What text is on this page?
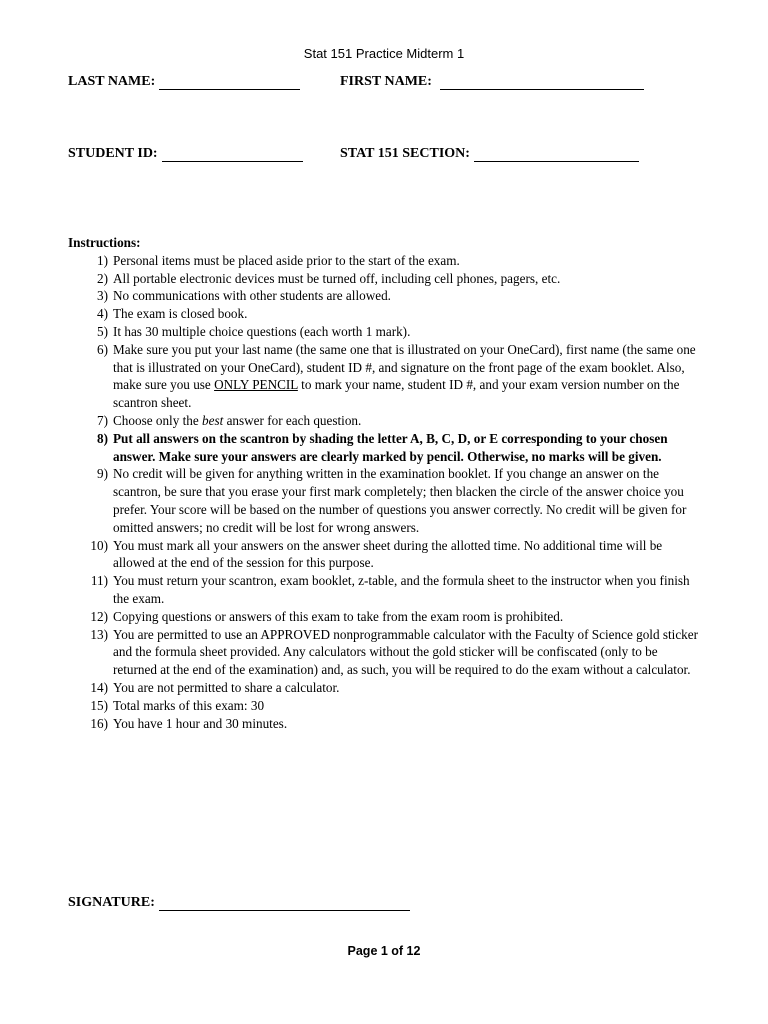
Stat 151 Practice Midterm 1
LAST NAME:	FIRST NAME:
STUDENT ID:	STAT 151 SECTION:
Instructions:
1) Personal items must be placed aside prior to the start of the exam.
2) All portable electronic devices must be turned off, including cell phones, pagers, etc.
3) No communications with other students are allowed.
4) The exam is closed book.
5) It has 30 multiple choice questions (each worth 1 mark).
6) Make sure you put your last name (the same one that is illustrated on your OneCard), first name (the same one that is illustrated on your OneCard), student ID #, and signature on the front page of the exam booklet. Also, make sure you use ONLY PENCIL to mark your name, student ID #, and your exam version number on the scantron sheet.
7) Choose only the best answer for each question.
8) Put all answers on the scantron by shading the letter A, B, C, D, or E corresponding to your chosen answer. Make sure your answers are clearly marked by pencil. Otherwise, no marks will be given.
9) No credit will be given for anything written in the examination booklet. If you change an answer on the scantron, be sure that you erase your first mark completely; then blacken the circle of the answer choice you prefer. Your score will be based on the number of questions you answer correctly. No credit will be given for omitted answers; no credit will be lost for wrong answers.
10) You must mark all your answers on the answer sheet during the allotted time. No additional time will be allowed at the end of the session for this purpose.
11) You must return your scantron, exam booklet, z-table, and the formula sheet to the instructor when you finish the exam.
12) Copying questions or answers of this exam to take from the exam room is prohibited.
13) You are permitted to use an APPROVED nonprogrammable calculator with the Faculty of Science gold sticker and the formula sheet provided. Any calculators without the gold sticker will be confiscated (only to be returned at the end of the examination) and, as such, you will be required to do the exam without a calculator.
14) You are not permitted to share a calculator.
15) Total marks of this exam: 30
16) You have 1 hour and 30 minutes.
SIGNATURE:
Page 1 of 12
